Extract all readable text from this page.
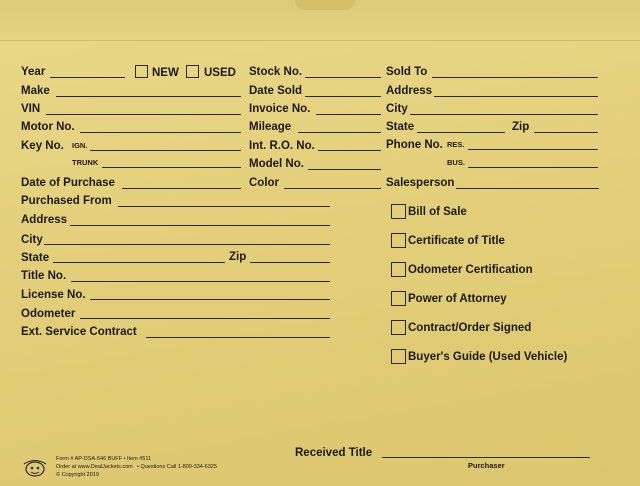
Year	NEW USED
Make
VIN
Motor No.
Key No. IGN.
TRUNK
Date of Purchase
Purchased From
Address
City
State	Zip
Title No.
License No.
Odometer
Ext. Service Contract
Stock No.
Date Sold
Invoice No.
Mileage
Int. R.O. No.
Model No.
Color
Sold To
Address
City
State	Zip
Phone No. RES.
BUS.
Salesperson
Bill of Sale
Certificate of Title
Odometer Certification
Power of Attorney
Contract/Order Signed
Buyer's Guide (Used Vehicle)
Received Title
Purchaser
Form # AP-DSA-546 BUFF • Item #511
Order at www.DealJackets.com • Questions Call 1-800-334-6325
© Copyright 2019
